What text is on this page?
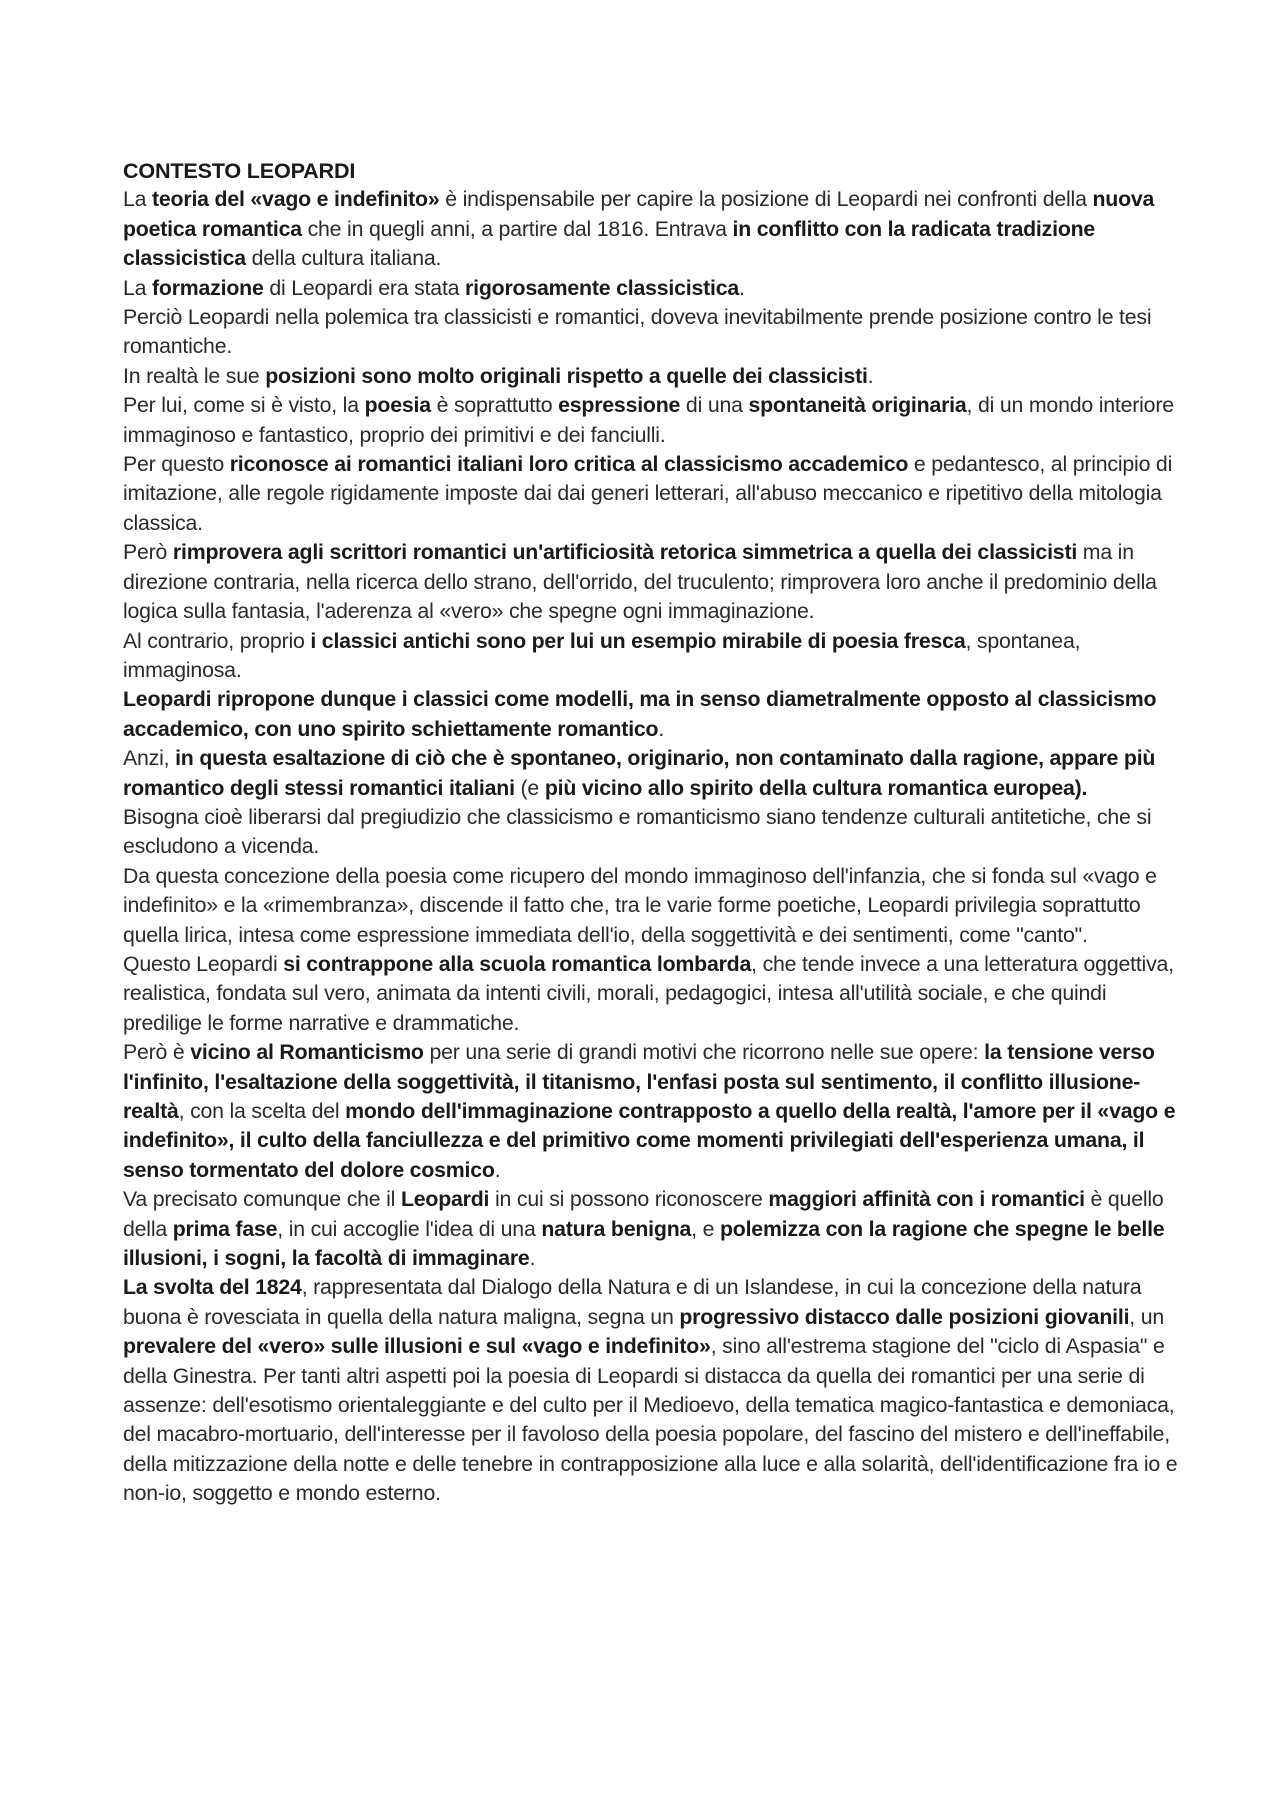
CONTESTO LEOPARDI

La teoria del «vago e indefinito» è indispensabile per capire la posizione di Leopardi nei confronti della nuova poetica romantica che in quegli anni, a partire dal 1816. Entrava in conflitto con la radicata tradizione classicistica della cultura italiana.

La formazione di Leopardi era stata rigorosamente classicistica.

Perciò Leopardi nella polemica tra classicisti e romantici, doveva inevitabilmente prende posizione contro le tesi romantiche.

In realtà le sue posizioni sono molto originali rispetto a quelle dei classicisti.

Per lui, come si è visto, la poesia è soprattutto espressione di una spontaneità originaria, di un mondo interiore immaginoso e fantastico, proprio dei primitivi e dei fanciulli.

Per questo riconosce ai romantici italiani loro critica al classicismo accademico e pedantesco, al principio di imitazione, alle regole rigidamente imposte dai dai generi letterari, all'abuso meccanico e ripetitivo della mitologia classica.

Però rimprovera agli scrittori romantici un'artificiosità retorica simmetrica a quella dei classicisti ma in direzione contraria, nella ricerca dello strano, dell'orrido, del truculento; rimprovera loro anche il predominio della logica sulla fantasia, l'aderenza al «vero» che spegne ogni immaginazione.

Al contrario, proprio i classici antichi sono per lui un esempio mirabile di poesia fresca, spontanea, immaginosa.

Leopardi ripropone dunque i classici come modelli, ma in senso diametralmente opposto al classicismo accademico, con uno spirito schiettamente romantico.

Anzi, in questa esaltazione di ciò che è spontaneo, originario, non contaminato dalla ragione, appare più romantico degli stessi romantici italiani (e più vicino allo spirito della cultura romantica europea).

Bisogna cioè liberarsi dal pregiudizio che classicismo e romanticismo siano tendenze culturali antitetiche, che si escludono a vicenda.

Da questa concezione della poesia come ricupero del mondo immaginoso dell'infanzia, che si fonda sul «vago e indefinito» e la «rimembranza», discende il fatto che, tra le varie forme poetiche, Leopardi privilegia soprattutto quella lirica, intesa come espressione immediata dell'io, della soggettività e dei sentimenti, come "canto".

Questo Leopardi si contrappone alla scuola romantica lombarda, che tende invece a una letteratura oggettiva, realistica, fondata sul vero, animata da intenti civili, morali, pedagogici, intesa all'utilità sociale, e che quindi predilige le forme narrative e drammatiche.

Però è vicino al Romanticismo per una serie di grandi motivi che ricorrono nelle sue opere: la tensione verso l'infinito, l'esaltazione della soggettività, il titanismo, l'enfasi posta sul sentimento, il conflitto illusione-realtà, con la scelta del mondo dell'immaginazione contrapposto a quello della realtà, l'amore per il «vago e indefinito», il culto della fanciullezza e del primitivo come momenti privilegiati dell'esperienza umana, il senso tormentato del dolore cosmico.

Va precisato comunque che il Leopardi in cui si possono riconoscere maggiori affinità con i romantici è quello della prima fase, in cui accoglie l'idea di una natura benigna, e polemizza con la ragione che spegne le belle illusioni, i sogni, la facoltà di immaginare.

La svolta del 1824, rappresentata dal Dialogo della Natura e di un Islandese, in cui la concezione della natura buona è rovesciata in quella della natura maligna, segna un progressivo distacco dalle posizioni giovanili, un prevalere del «vero» sulle illusioni e sul «vago e indefinito», sino all'estrema stagione del "ciclo di Aspasia" e della Ginestra. Per tanti altri aspetti poi la poesia di Leopardi si distacca da quella dei romantici per una serie di assenze: dell'esotismo orientaleggiante e del culto per il Medioevo, della tematica magico-fantastica e demoniaca, del macabro-mortuario, dell'interesse per il favoloso della poesia popolare, del fascino del mistero e dell'ineffabile, della mitizzazione della notte e delle tenebre in contrapposizione alla luce e alla solarità, dell'identificazione fra io e non-io, soggetto e mondo esterno.
